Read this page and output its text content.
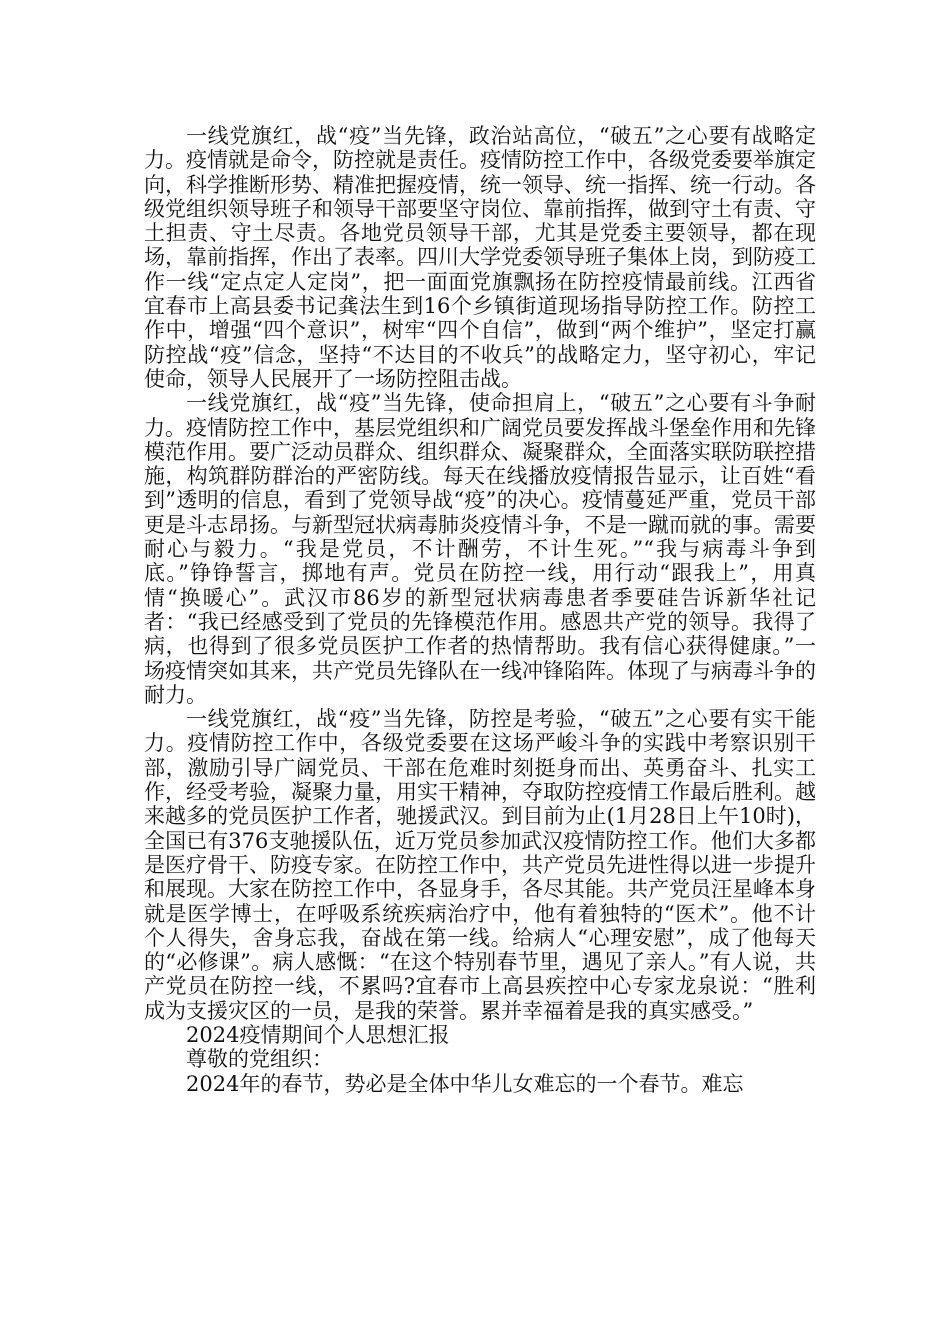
一线党旗红，战“疫”当先锋，政治站高位，“破五”之心要有战略定力。疫情就是命令，防控就是责任。疫情防控工作中，各级党委要举旗定向，科学推断形势、精准把握疫情，统一领导、统一指挥、统一行动。各级党组织领导班子和领导干部要坚守岗位、靠前指挥，做到守土有责、守土担责、守土尽责。各地党员领导干部，尤其是党委主要领导，都在现场，靠前指挥，作出了表率。四川大学党委领导班子集体上岗，到防疫工作一线“定点定人定岗”，把一面面党旗飘扬在防控疫情最前线。江西省宜春市上高县委书记龚法生到16个乡镇街道现场指导防控工作。防控工作中，增强“四个意识”，树牢“四个自信”，做到“两个维护”，坚定打赢防控战“疫”信念，坚持“不达目的不收兵”的战略定力，坚守初心，牢记使命，领导人民展开了一场防控阻击战。

一线党旗红，战“疫”当先锋，使命担肩上，“破五”之心要有斗争耐力。疫情防控工作中，基层党组织和广阔党员要发挥战斗堡垒作用和先锋模范作用。要广泛动员群众、组织群众、凝聚群众，全面落实联防联控措施，构筑群防群治的严密防线。每天在线播放疫情报告显示，让百姓“看到”透明的信息，看到了党领导战“疫”的决心。疫情蔓延严重，党员干部更是斗志昂扬。与新型冠状病毒肺炎疫情斗争，不是一蹴而就的事。需要耐心与毅力。“我是党员，不计酬劳，不计生死。”“我与病毒斗争到底。”铮铮誓言，掷地有声。党员在防控一线，用行动“跟我上”，用真情“换暖心”。武汉市86岁的新型冠状病毒患者季要硅告诉新华社记者：“我已经感受到了党员的先锋模范作用。感恩共产党的领导。我得了病，也得到了很多党员医护工作者的热情帮助。我有信心获得健康。”一场疫情突如其来，共产党员先锋队在一线冲锋陷阵。体现了与病毒斗争的耐力。

一线党旗红，战“疫”当先锋，防控是考验，“破五”之心要有实干能力。疫情防控工作中，各级党委要在这场严峻斗争的实践中考察识别干部，激励引导广阔党员、干部在危难时刻挺身而出、英勇奋斗、扎实工作，经受考验，凝聚力量，用实干精神，夺取防控疫情工作最后胜利。越来越多的党员医护工作者，驰援武汉。到目前为止(1月28日上午10时)，全国已有376支驰援队伍，近万党员参加武汉疫情防控工作。他们大多都是医疗骨干、防疫专家。在防控工作中，共产党员先进性得以进一步提升和展现。大家在防控工作中，各显身手，各尽其能。共产党员汪星峰本身就是医学博士，在呼吸系统疾病治疗中，他有着独特的“医术”。他不计个人得失，舍身忘我，奋战在第一线。给病人“心理安慰”，成了他每天的“必修课”。病人感慨：“在这个特别春节里，遇见了亲人。”有人说，共产党员在防控一线，不累吗?宜春市上高县疾控中心专家龙泉说：“胜利成为支援灾区的一员，是我的荣誉。累并幸福着是我的真实感受。”

2024疫情期间个人思想汇报

尊敬的党组织：

2024年的春节，势必是全体中华儿女难忘的一个春节。难忘
